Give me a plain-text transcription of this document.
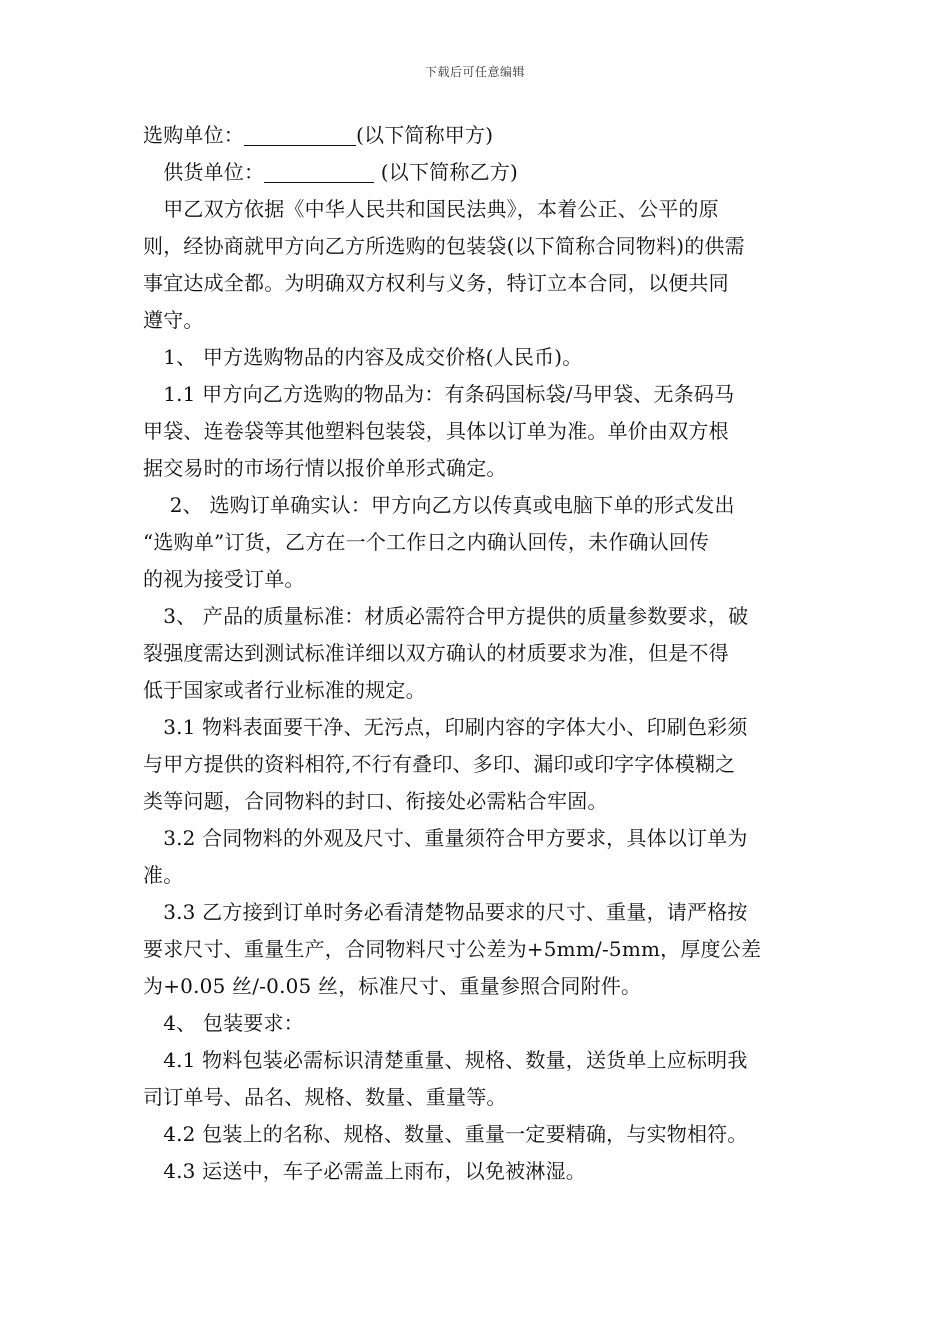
下载后可任意编辑
选购单位：	(以下简称甲方)
　供货单位：	(以下简称乙方)
　甲乙双方依据《中华人民共和国民法典》，本着公正、公平的原
则，经协商就甲方向乙方所选购的包装袋(以下简称合同物料)的供需
事宜达成全都。为明确双方权利与义务，特订立本合同，以便共同
遵守。
　1、 甲方选购物品的内容及成交价格(人民币)。
　1.1 甲方向乙方选购的物品为：有条码国标袋/马甲袋、无条码马
甲袋、连卷袋等其他塑料包装袋，具体以订单为准。单价由双方根
据交易时的市场行情以报价单形式确定。
　 2、 选购订单确实认：甲方向乙方以传真或电脑下单的形式发出
“选购单”订货，乙方在一个工作日之内确认回传，未作确认回传
的视为接受订单。
　3、 产品的质量标准：材质必需符合甲方提供的质量参数要求，破
裂强度需达到测试标准详细以双方确认的材质要求为准，但是不得
低于国家或者行业标准的规定。
　3.1 物料表面要干净、无污点，印刷内容的字体大小、印刷色彩须
与甲方提供的资料相符,不行有叠印、多印、漏印或印字字体模糊之
类等问题，合同物料的封口、衔接处必需粘合牢固。
　3.2 合同物料的外观及尺寸、重量须符合甲方要求，具体以订单为
准。
　3.3 乙方接到订单时务必看清楚物品要求的尺寸、重量，请严格按
要求尺寸、重量生产，合同物料尺寸公差为+5mm/-5mm，厚度公差
为+0.05 丝/-0.05 丝，标准尺寸、重量参照合同附件。
　4、 包装要求：
　4.1 物料包装必需标识清楚重量、规格、数量，送货单上应标明我
司订单号、品名、规格、数量、重量等。
　4.2 包装上的名称、规格、数量、重量一定要精确，与实物相符。
　4.3 运送中，车子必需盖上雨布，以免被淋湿。
